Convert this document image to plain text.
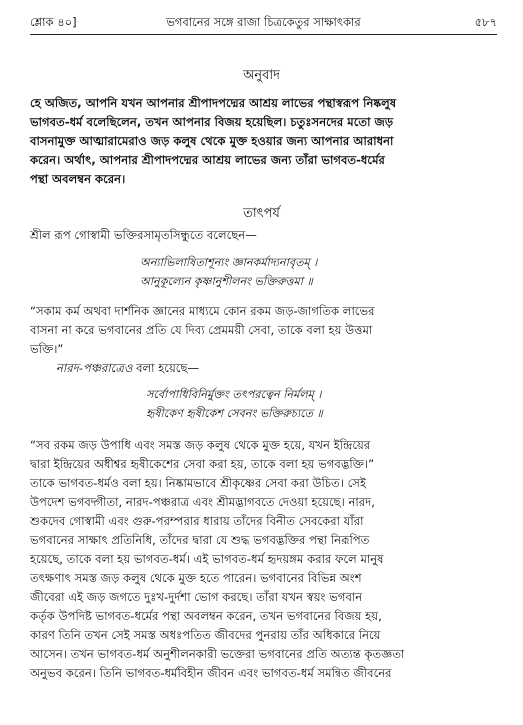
শ্লোক ৪০]	ভগবানের সঙ্গে রাজা চিত্রকেতুর সাক্ষাৎকার	৫৮৭
অনুবাদ
হে অজিত, আপনি যখন আপনার শ্রীপাদপদ্মের আশ্রয় লাভের পন্থাস্বরূপ নিষ্কলুষ
ভাগবত-ধর্ম বলেছিলেন, তখন আপনার বিজয় হয়েছিল। চতুঃসনদের মতো জড়
বাসনামুক্ত আত্মারামেরাও জড় কলুষ থেকে মুক্ত হওয়ার জন্য আপনার আরাধনা
করেন। অর্থাৎ, আপনার শ্রীপাদপদ্মের আশ্রয় লাভের জন্য তাঁরা ভাগবত-ধর্মের
পন্থা অবলম্বন করেন।
তাৎপর্য
শ্রীল রূপ গোস্বামী ভক্তিরসামৃতসিন্ধুতে বলেছেন—
অন্যাভিলাষিতাশূন্যং জ্ঞানকর্মাদ্যনাবৃতম্ ।
আনুকূল্যেন কৃষ্ণানুশীলনং ভক্তিরুত্তমা ॥
“সকাম কর্ম অথবা দার্শনিক জ্ঞানের মাধ্যমে কোন রকম জড়-জাগতিক লাভের
বাসনা না করে ভগবানের প্রতি যে দিব্য প্রেমময়ী সেবা, তাকে বলা হয় উত্তমা
ভক্তি।”
নারদ-পঞ্চরাত্রেও বলা হয়েছে—
সর্বোপাধিবিনির্মুক্তং তৎপরত্বেন নির্মলম্ ।
হৃষীকেণ হৃষীকেশ সেবনং ভক্তিরুচ্যতে ॥
“সব রকম জড় উপাধি এবং সমস্ত জড় কলুষ থেকে মুক্ত হয়ে, যখন ইন্দ্রিয়ের
দ্বারা ইন্দ্রিয়ের অধীশ্বর হৃষীকেশের সেবা করা হয়, তাকে বলা হয় ভগবদ্ভক্তি।”
তাকে ভাগবত-ধর্মও বলা হয়। নিষ্কামভাবে শ্রীকৃষ্ণের সেবা করা উচিত। সেই
উপদেশ ভগবদ্গীতা, নারদ-পঞ্চরাত্র এবং শ্রীমদ্ভাগবতে দেওয়া হয়েছে। নারদ,
শুকদেব গোস্বামী এবং গুরু-পরম্পরার ধারায় তাঁদের বিনীত সেবকেরা যাঁরা
ভগবানের সাক্ষাৎ প্রতিনিধি, তাঁদের দ্বারা যে শুদ্ধ ভগবদ্ভক্তির পন্থা নিরূপিত
হয়েছে, তাকে বলা হয় ভাগবত-ধর্ম। এই ভাগবত-ধর্ম হৃদয়ঙ্গম করার ফলে মানুষ
তৎক্ষণাৎ সমস্ত জড় কলুষ থেকে মুক্ত হতে পারেন। ভগবানের বিভিন্ন অংশ
জীবেরা এই জড় জগতে দুঃখ-দুর্দশা ভোগ করছে। তাঁরা যখন স্বয়ং ভগবান
কর্তৃক উপদিষ্ট ভাগবত-ধর্মের পন্থা অবলম্বন করেন, তখন ভগবানের বিজয় হয়,
কারণ তিনি তখন সেই সমস্ত অধঃপতিত জীবদের পুনরায় তাঁর অধিকারে নিয়ে
আসেন। তখন ভাগবত-ধর্ম অনুশীলনকারী ভক্তেরা ভগবানের প্রতি অত্যন্ত কৃতজ্ঞতা
অনুভব করেন। তিনি ভাগবত-ধর্মবিহীন জীবন এবং ভাগবত-ধর্ম সমন্বিত জীবনের
